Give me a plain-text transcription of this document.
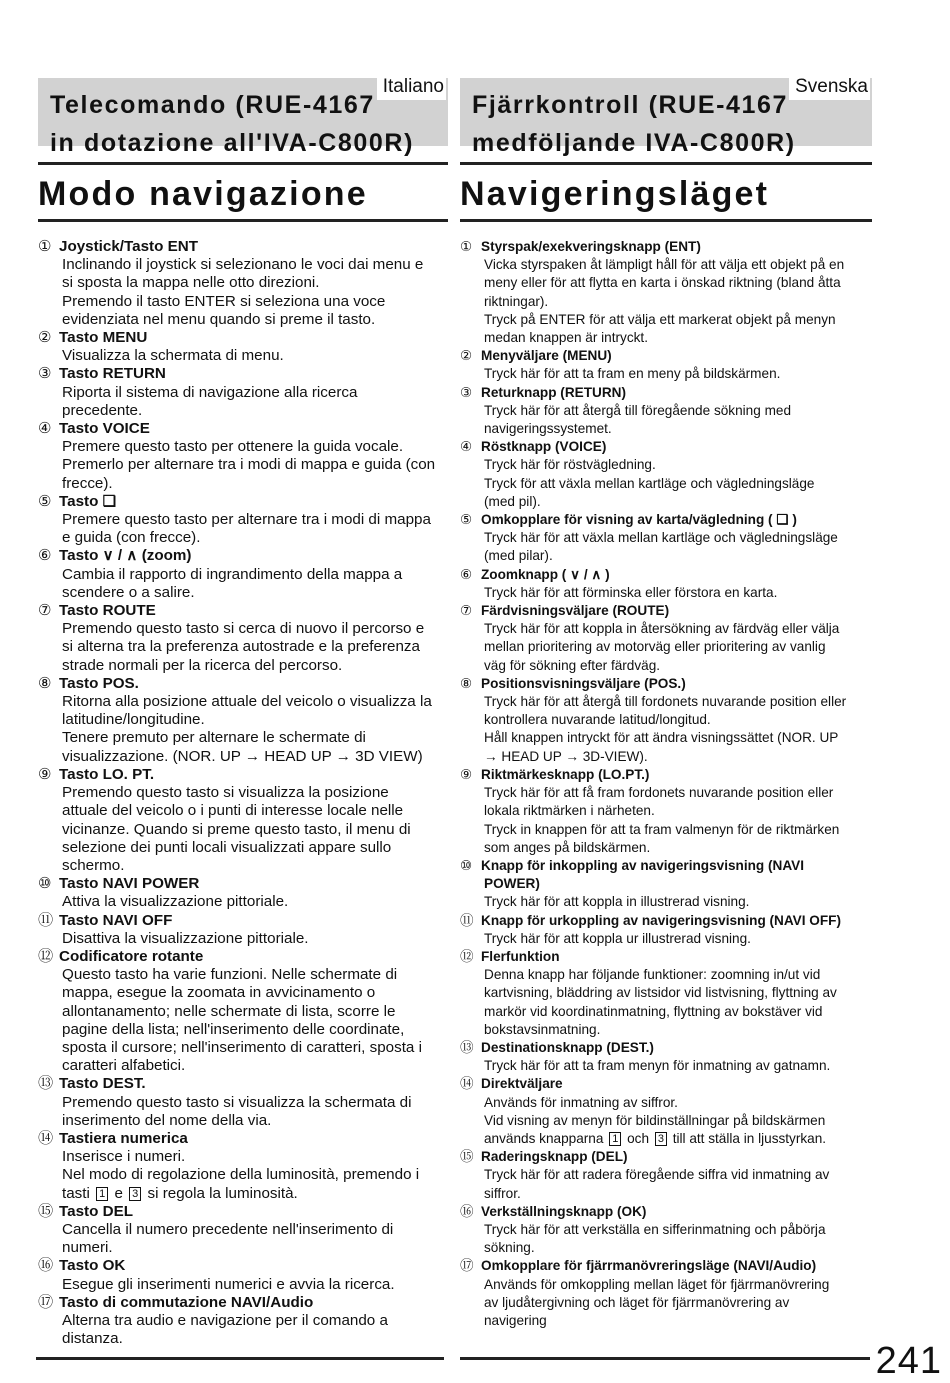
Telecomando (RUE-4167
in dotazione all'IVA-C800R)
Italiano
Modo navigazione
① Joystick/Tasto ENT
Inclinando il joystick si selezionano le voci dai menu e
si sposta la mappa nelle otto direzioni.
Premendo il tasto ENTER si seleziona una voce
evidenziata nel menu quando si preme il tasto.
② Tasto MENU
Visualizza la schermata di menu.
③ Tasto RETURN
Riporta il sistema di navigazione alla ricerca
precedente.
④ Tasto VOICE
Premere questo tasto per ottenere la guida vocale.
Premerlo per alternare tra i modi di mappa e guida (con
frecce).
⑤ Tasto ❏
Premere questo tasto per alternare tra i modi di mappa
e guida (con frecce).
⑥ Tasto ∨ / ∧ (zoom)
Cambia il rapporto di ingrandimento della mappa a
scendere o a salire.
⑦ Tasto ROUTE
Premendo questo tasto si cerca di nuovo il percorso e
si alterna tra la preferenza autostrade e la preferenza
strade normali per la ricerca del percorso.
⑧ Tasto POS.
Ritorna alla posizione attuale del veicolo o visualizza la
latitudine/longitudine.
Tenere premuto per alternare le schermate di
visualizzazione. (NOR. UP → HEAD UP → 3D VIEW)
⑨ Tasto LO. PT.
Premendo questo tasto si visualizza la posizione
attuale del veicolo o i punti di interesse locale nelle
vicinanze. Quando si preme questo tasto, il menu di
selezione dei punti locali visualizzati appare sullo
schermo.
⑩ Tasto NAVI POWER
Attiva la visualizzazione pittoriale.
⑪ Tasto NAVI OFF
Disattiva la visualizzazione pittoriale.
⑫ Codificatore rotante
Questo tasto ha varie funzioni. Nelle schermate di
mappa, esegue la zoomata in avvicinamento o
allontanamento; nelle schermate di lista, scorre le
pagine della lista; nell'inserimento delle coordinate,
sposta il cursore; nell'inserimento di caratteri, sposta i
caratteri alfabetici.
⑬ Tasto DEST.
Premendo questo tasto si visualizza la schermata di
inserimento del nome della via.
⑭ Tastiera numerica
Inserisce i numeri.
Nel modo di regolazione della luminosità, premendo i
tasti 1 e 3 si regola la luminosità.
⑮ Tasto DEL
Cancella il numero precedente nell'inserimento di
numeri.
⑯ Tasto OK
Esegue gli inserimenti numerici e avvia la ricerca.
⑰ Tasto di commutazione NAVI/Audio
Alterna tra audio e navigazione per il comando a
distanza.
Fjärrkontroll (RUE-4167
medföljande IVA-C800R)
Svenska
Navigeringsläget
① Styrspak/exekveringsknapp (ENT)
Vicka styrspaken åt lämpligt håll för att välja ett objekt på en
meny eller för att flytta en karta i önskad riktning (bland åtta
riktningar).
Tryck på ENTER för att välja ett markerat objekt på menyn
medan knappen är intryckt.
② Menyväljare (MENU)
Tryck här för att ta fram en meny på bildskärmen.
③ Returknapp (RETURN)
Tryck här för att återgå till föregående sökning med
navigeringssystemet.
④ Röstknapp (VOICE)
Tryck här för röstvägledning.
Tryck för att växla mellan kartläge och vägledningsläge
(med pil).
⑤ Omkopplare för visning av karta/vägledning ( ❏ )
Tryck här för att växla mellan kartläge och vägledningsläge
(med pilar).
⑥ Zoomknapp ( ∨ / ∧ )
Tryck här för att förminska eller förstora en karta.
⑦ Färdvisningsväljare (ROUTE)
Tryck här för att koppla in återsökning av färdväg eller välja
mellan prioritering av motorväg eller prioritering av vanlig
väg för sökning efter färdväg.
⑧ Positionsvisningsväljare (POS.)
Tryck här för att återgå till fordonets nuvarande position eller
kontrollera nuvarande latitud/longitud.
Håll knappen intryckt för att ändra visningssättet (NOR. UP
→ HEAD UP → 3D-VIEW).
⑨ Riktmärkesknapp (LO.PT.)
Tryck här för att få fram fordonets nuvarande position eller
lokala riktmärken i närheten.
Tryck in knappen för att ta fram valmenyn för de riktmärken
som anges på bildskärmen.
⑩ Knapp för inkoppling av navigeringsvisning (NAVI
POWER)
Tryck här för att koppla in illustrerad visning.
⑪ Knapp för urkoppling av navigeringsvisning (NAVI OFF)
Tryck här för att koppla ur illustrerad visning.
⑫ Flerfunktion
Denna knapp har följande funktioner: zoomning in/ut vid
kartvisning, bläddring av listsidor vid listvisning, flyttning av
markör vid koordinatinmatning, flyttning av bokstäver vid
bokstavsinmatning.
⑬ Destinationsknapp (DEST.)
Tryck här för att ta fram menyn för inmatning av gatnamn.
⑭ Direktväljare
Används för inmatning av siffror.
Vid visning av menyn för bildinställningar på bildskärmen
används knapparna 1 och 3 till att ställa in ljusstyrkan.
⑮ Raderingsknapp (DEL)
Tryck här för att radera föregående siffra vid inmatning av
siffror.
⑯ Verkställningsknapp (OK)
Tryck här för att verkställa en sifferinmatning och påbörja
sökning.
⑰ Omkopplare för fjärrmanövreringsläge (NAVI/Audio)
Används för omkoppling mellan läget för fjärrmanövrering
av ljudåtergivning och läget för fjärrmanövrering av
navigering
241
